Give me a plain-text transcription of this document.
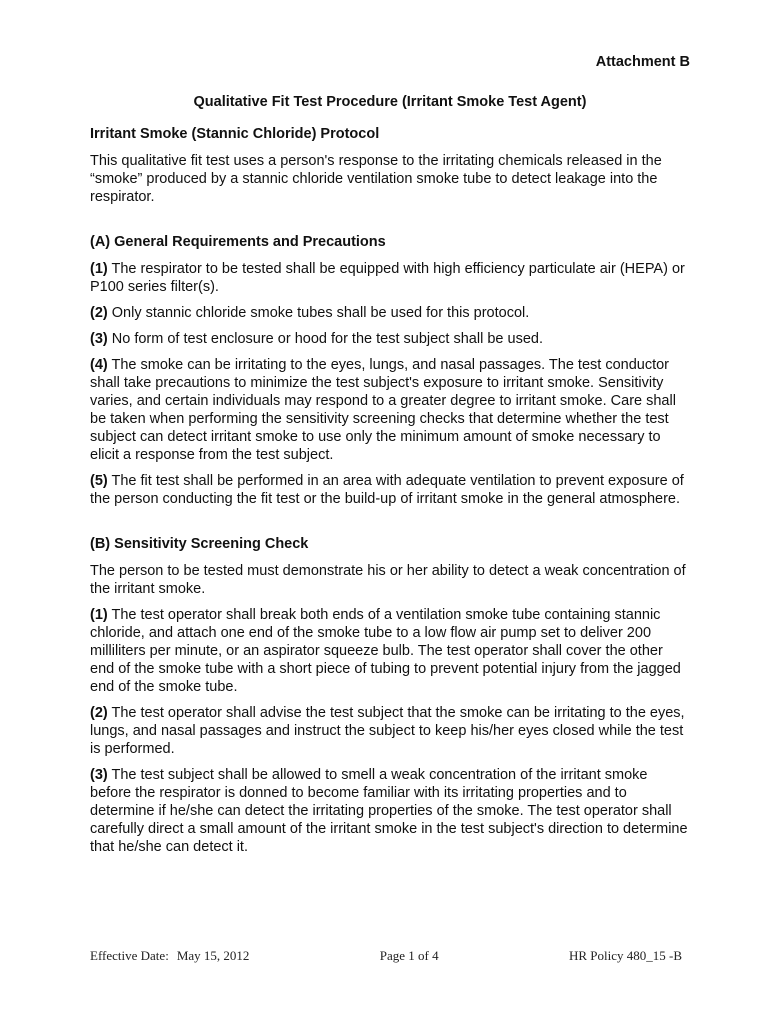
Attachment B
Qualitative Fit Test Procedure (Irritant Smoke Test Agent)
Irritant Smoke (Stannic Chloride) Protocol

This qualitative fit test uses a person's response to the irritating chemicals released in the “smoke” produced by a stannic chloride ventilation smoke tube to detect leakage into the respirator.

(A) General Requirements and Precautions

(1) The respirator to be tested shall be equipped with high efficiency particulate air (HEPA) or P100 series filter(s).

(2) Only stannic chloride smoke tubes shall be used for this protocol.

(3) No form of test enclosure or hood for the test subject shall be used.

(4) The smoke can be irritating to the eyes, lungs, and nasal passages. The test conductor shall take precautions to minimize the test subject's exposure to irritant smoke. Sensitivity varies, and certain individuals may respond to a greater degree to irritant smoke. Care shall be taken when performing the sensitivity screening checks that determine whether the test subject can detect irritant smoke to use only the minimum amount of smoke necessary to elicit a response from the test subject.

(5) The fit test shall be performed in an area with adequate ventilation to prevent exposure of the person conducting the fit test or the build-up of irritant smoke in the general atmosphere.

(B) Sensitivity Screening Check

The person to be tested must demonstrate his or her ability to detect a weak concentration of the irritant smoke.

(1) The test operator shall break both ends of a ventilation smoke tube containing stannic chloride, and attach one end of the smoke tube to a low flow air pump set to deliver 200 milliliters per minute, or an aspirator squeeze bulb. The test operator shall cover the other end of the smoke tube with a short piece of tubing to prevent potential injury from the jagged end of the smoke tube.

(2) The test operator shall advise the test subject that the smoke can be irritating to the eyes, lungs, and nasal passages and instruct the subject to keep his/her eyes closed while the test is performed.

(3) The test subject shall be allowed to smell a weak concentration of the irritant smoke before the respirator is donned to become familiar with its irritating properties and to determine if he/she can detect the irritating properties of the smoke. The test operator shall carefully direct a small amount of the irritant smoke in the test subject's direction to determine that he/she can detect it.

Effective Date: May 15, 2012	Page 1 of 4	HR Policy 480_15 -B
